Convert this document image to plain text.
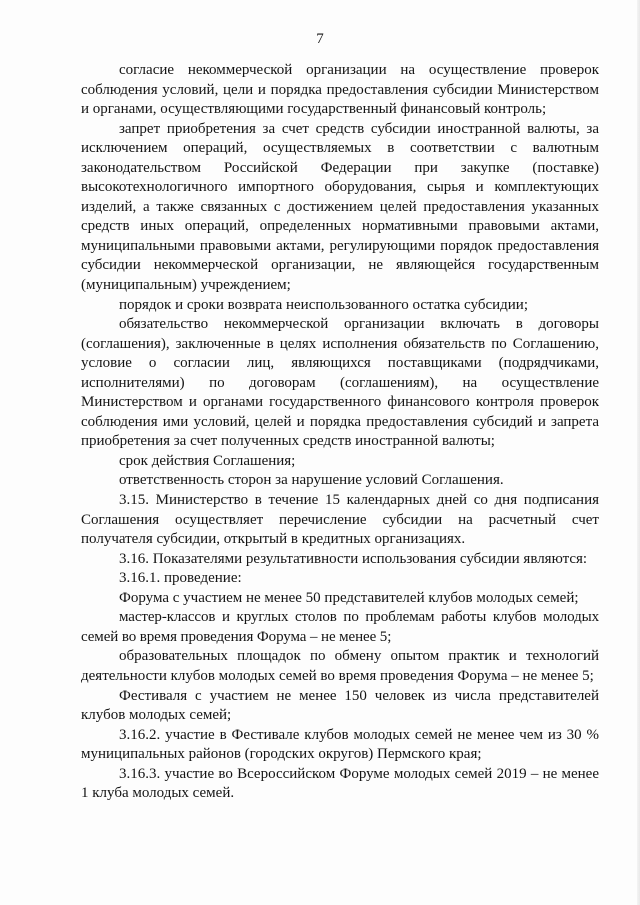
7

согласие некоммерческой организации на осуществление проверок соблюдения условий, цели и порядка предоставления субсидии Министерством и органами, осуществляющими государственный финансовый контроль;

запрет приобретения за счет средств субсидии иностранной валюты, за исключением операций, осуществляемых в соответствии с валютным законодательством Российской Федерации при закупке (поставке) высокотехнологичного импортного оборудования, сырья и комплектующих изделий, а также связанных с достижением целей предоставления указанных средств иных операций, определенных нормативными правовыми актами, муниципальными правовыми актами, регулирующими порядок предоставления субсидии некоммерческой организации, не являющейся государственным (муниципальным) учреждением;

порядок и сроки возврата неиспользованного остатка субсидии;

обязательство некоммерческой организации включать в договоры (соглашения), заключенные в целях исполнения обязательств по Соглашению, условие о согласии лиц, являющихся поставщиками (подрядчиками, исполнителями) по договорам (соглашениям), на осуществление Министерством и органами государственного финансового контроля проверок соблюдения ими условий, целей и порядка предоставления субсидий и запрета приобретения за счет полученных средств иностранной валюты;

срок действия Соглашения;

ответственность сторон за нарушение условий Соглашения.

3.15. Министерство в течение 15 календарных дней со дня подписания Соглашения осуществляет перечисление субсидии на расчетный счет получателя субсидии, открытый в кредитных организациях.

3.16. Показателями результативности использования субсидии являются:

3.16.1. проведение:

Форума с участием не менее 50 представителей клубов молодых семей;

мастер-классов и круглых столов по проблемам работы клубов молодых семей во время проведения Форума – не менее 5;

образовательных площадок по обмену опытом практик и технологий деятельности клубов молодых семей во время проведения Форума – не менее 5;

Фестиваля с участием не менее 150 человек из числа представителей клубов молодых семей;

3.16.2. участие в Фестивале клубов молодых семей не менее чем из 30 % муниципальных районов (городских округов) Пермского края;

3.16.3. участие во Всероссийском Форуме молодых семей 2019 – не менее 1 клуба молодых семей.
